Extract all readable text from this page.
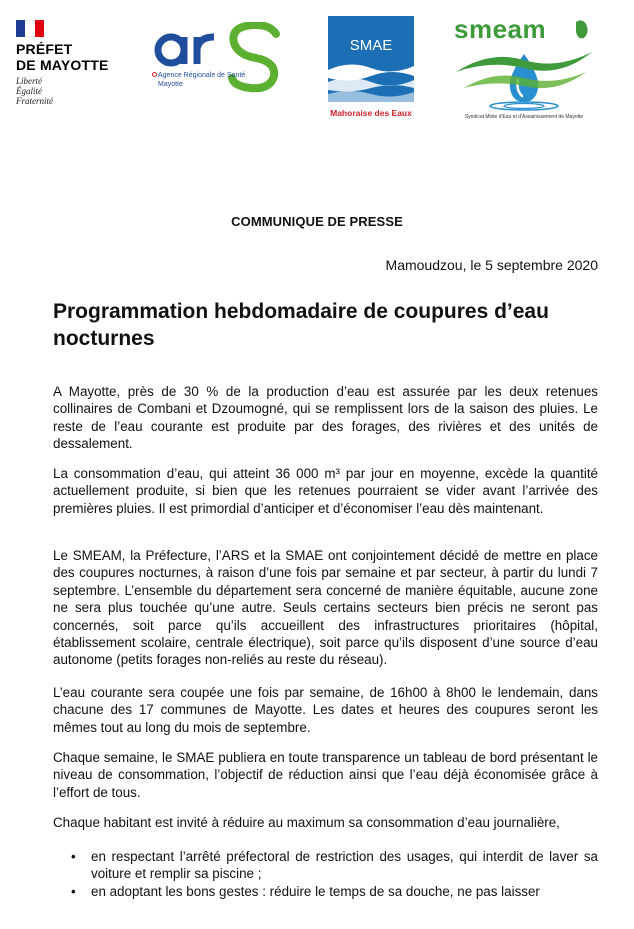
PRÉFET
DE MAYOTTE
Liberté
Égalité
Fraternité
Agence Régionale de Santé
Mayotte
SMAE
Mahoraise des Eaux
smeam
Syndicat Mixte d'Eau et d'Assainissement de Mayotte
COMMUNIQUE DE PRESSE
Mamoudzou, le 5 septembre 2020
Programmation hebdomadaire de coupures d’eau nocturnes

A Mayotte, près de 30 % de la production d’eau est assurée par les deux retenues collinaires de Combani et Dzoumogné, qui se remplissent lors de la saison des pluies. Le reste de l’eau courante est produite par des forages, des rivières et des unités de dessalement.

La consommation d’eau, qui atteint 36 000 m³ par jour en moyenne, excède la quantité actuellement produite, si bien que les retenues pourraient se vider avant l’arrivée des premières pluies. Il est primordial d’anticiper et d’économiser l’eau dès maintenant.

Le SMEAM, la Préfecture, l’ARS et la SMAE ont conjointement décidé de mettre en place des coupures nocturnes, à raison d’une fois par semaine et par secteur, à partir du lundi 7 septembre. L’ensemble du département sera concerné de manière équitable, aucune zone ne sera plus touchée qu’une autre. Seuls certains secteurs bien précis ne seront pas concernés, soit parce qu’ils accueillent des infrastructures prioritaires (hôpital, établissement scolaire, centrale électrique), soit parce qu’ils disposent d’une source d’eau autonome (petits forages non-reliés au reste du réseau).

L’eau courante sera coupée une fois par semaine, de 16h00 à 8h00 le lendemain, dans chacune des 17 communes de Mayotte. Les dates et heures des coupures seront les mêmes tout au long du mois de septembre.

Chaque semaine, le SMAE publiera en toute transparence un tableau de bord présentant le niveau de consommation, l’objectif de réduction ainsi que l’eau déjà économisée grâce à l’effort de tous.

Chaque habitant est invité à réduire au maximum sa consommation d’eau journalière,

• en respectant l’arrêté préfectoral de restriction des usages, qui interdit de laver sa voiture et remplir sa piscine ;
• en adoptant les bons gestes : réduire le temps de sa douche, ne pas laisser
